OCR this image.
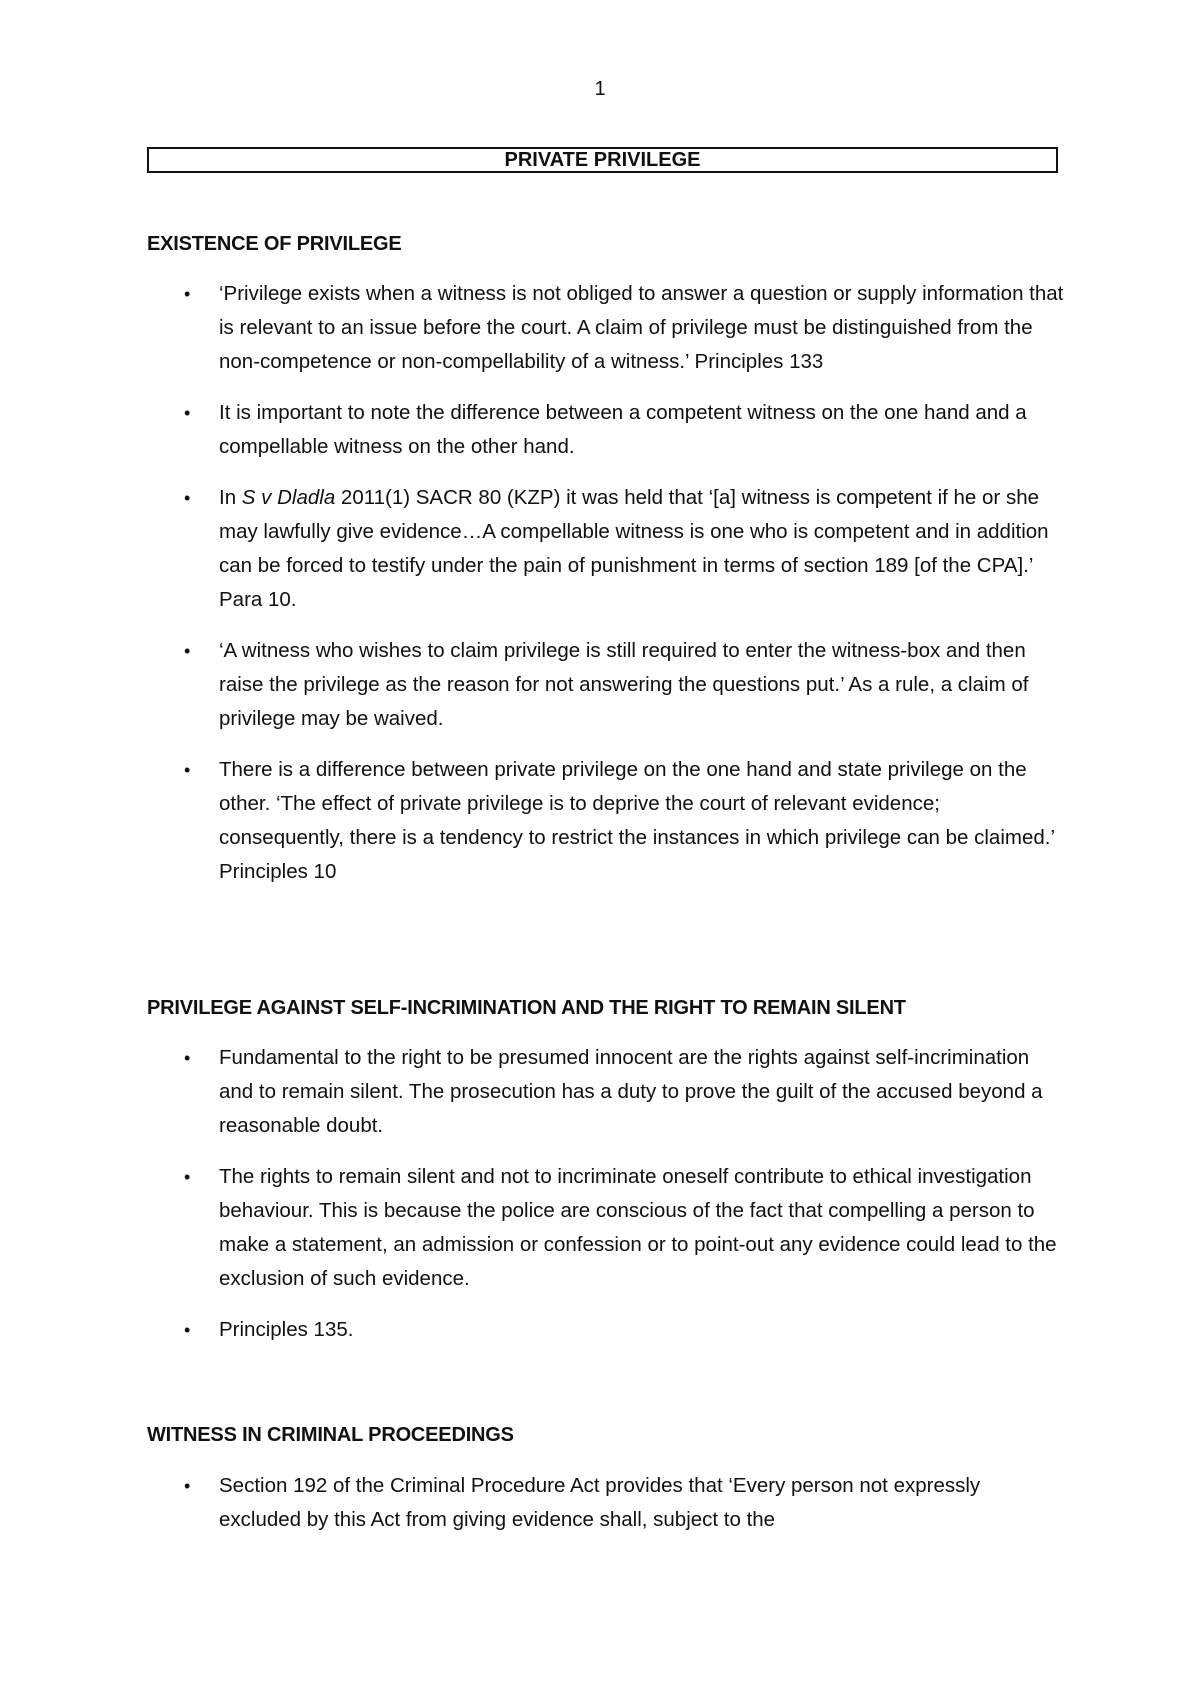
1
PRIVATE PRIVILEGE
EXISTENCE OF PRIVILEGE
• ‘Privilege exists when a witness is not obliged to answer a question or supply information that is relevant to an issue before the court. A claim of privilege must be distinguished from the non-competence or non-compellability of a witness.’ Principles 133
• It is important to note the difference between a competent witness on the one hand and a compellable witness on the other hand.
• In S v Dladla 2011(1) SACR 80 (KZP) it was held that ‘[a] witness is competent if he or she may lawfully give evidence…A compellable witness is one who is competent and in addition can be forced to testify under the pain of punishment in terms of section 189 [of the CPA].’ Para 10.
• ‘A witness who wishes to claim privilege is still required to enter the witness-box and then raise the privilege as the reason for not answering the questions put.’ As a rule, a claim of privilege may be waived.
• There is a difference between private privilege on the one hand and state privilege on the other. ‘The effect of private privilege is to deprive the court of relevant evidence; consequently, there is a tendency to restrict the instances in which privilege can be claimed.’ Principles 10
PRIVILEGE AGAINST SELF-INCRIMINATION AND THE RIGHT TO REMAIN SILENT
• Fundamental to the right to be presumed innocent are the rights against self-incrimination and to remain silent. The prosecution has a duty to prove the guilt of the accused beyond a reasonable doubt.
• The rights to remain silent and not to incriminate oneself contribute to ethical investigation behaviour. This is because the police are conscious of the fact that compelling a person to make a statement, an admission or confession or to point-out any evidence could lead to the exclusion of such evidence.
• Principles 135.
WITNESS IN CRIMINAL PROCEEDINGS
• Section 192 of the Criminal Procedure Act provides that ‘Every person not expressly excluded by this Act from giving evidence shall, subject to the
